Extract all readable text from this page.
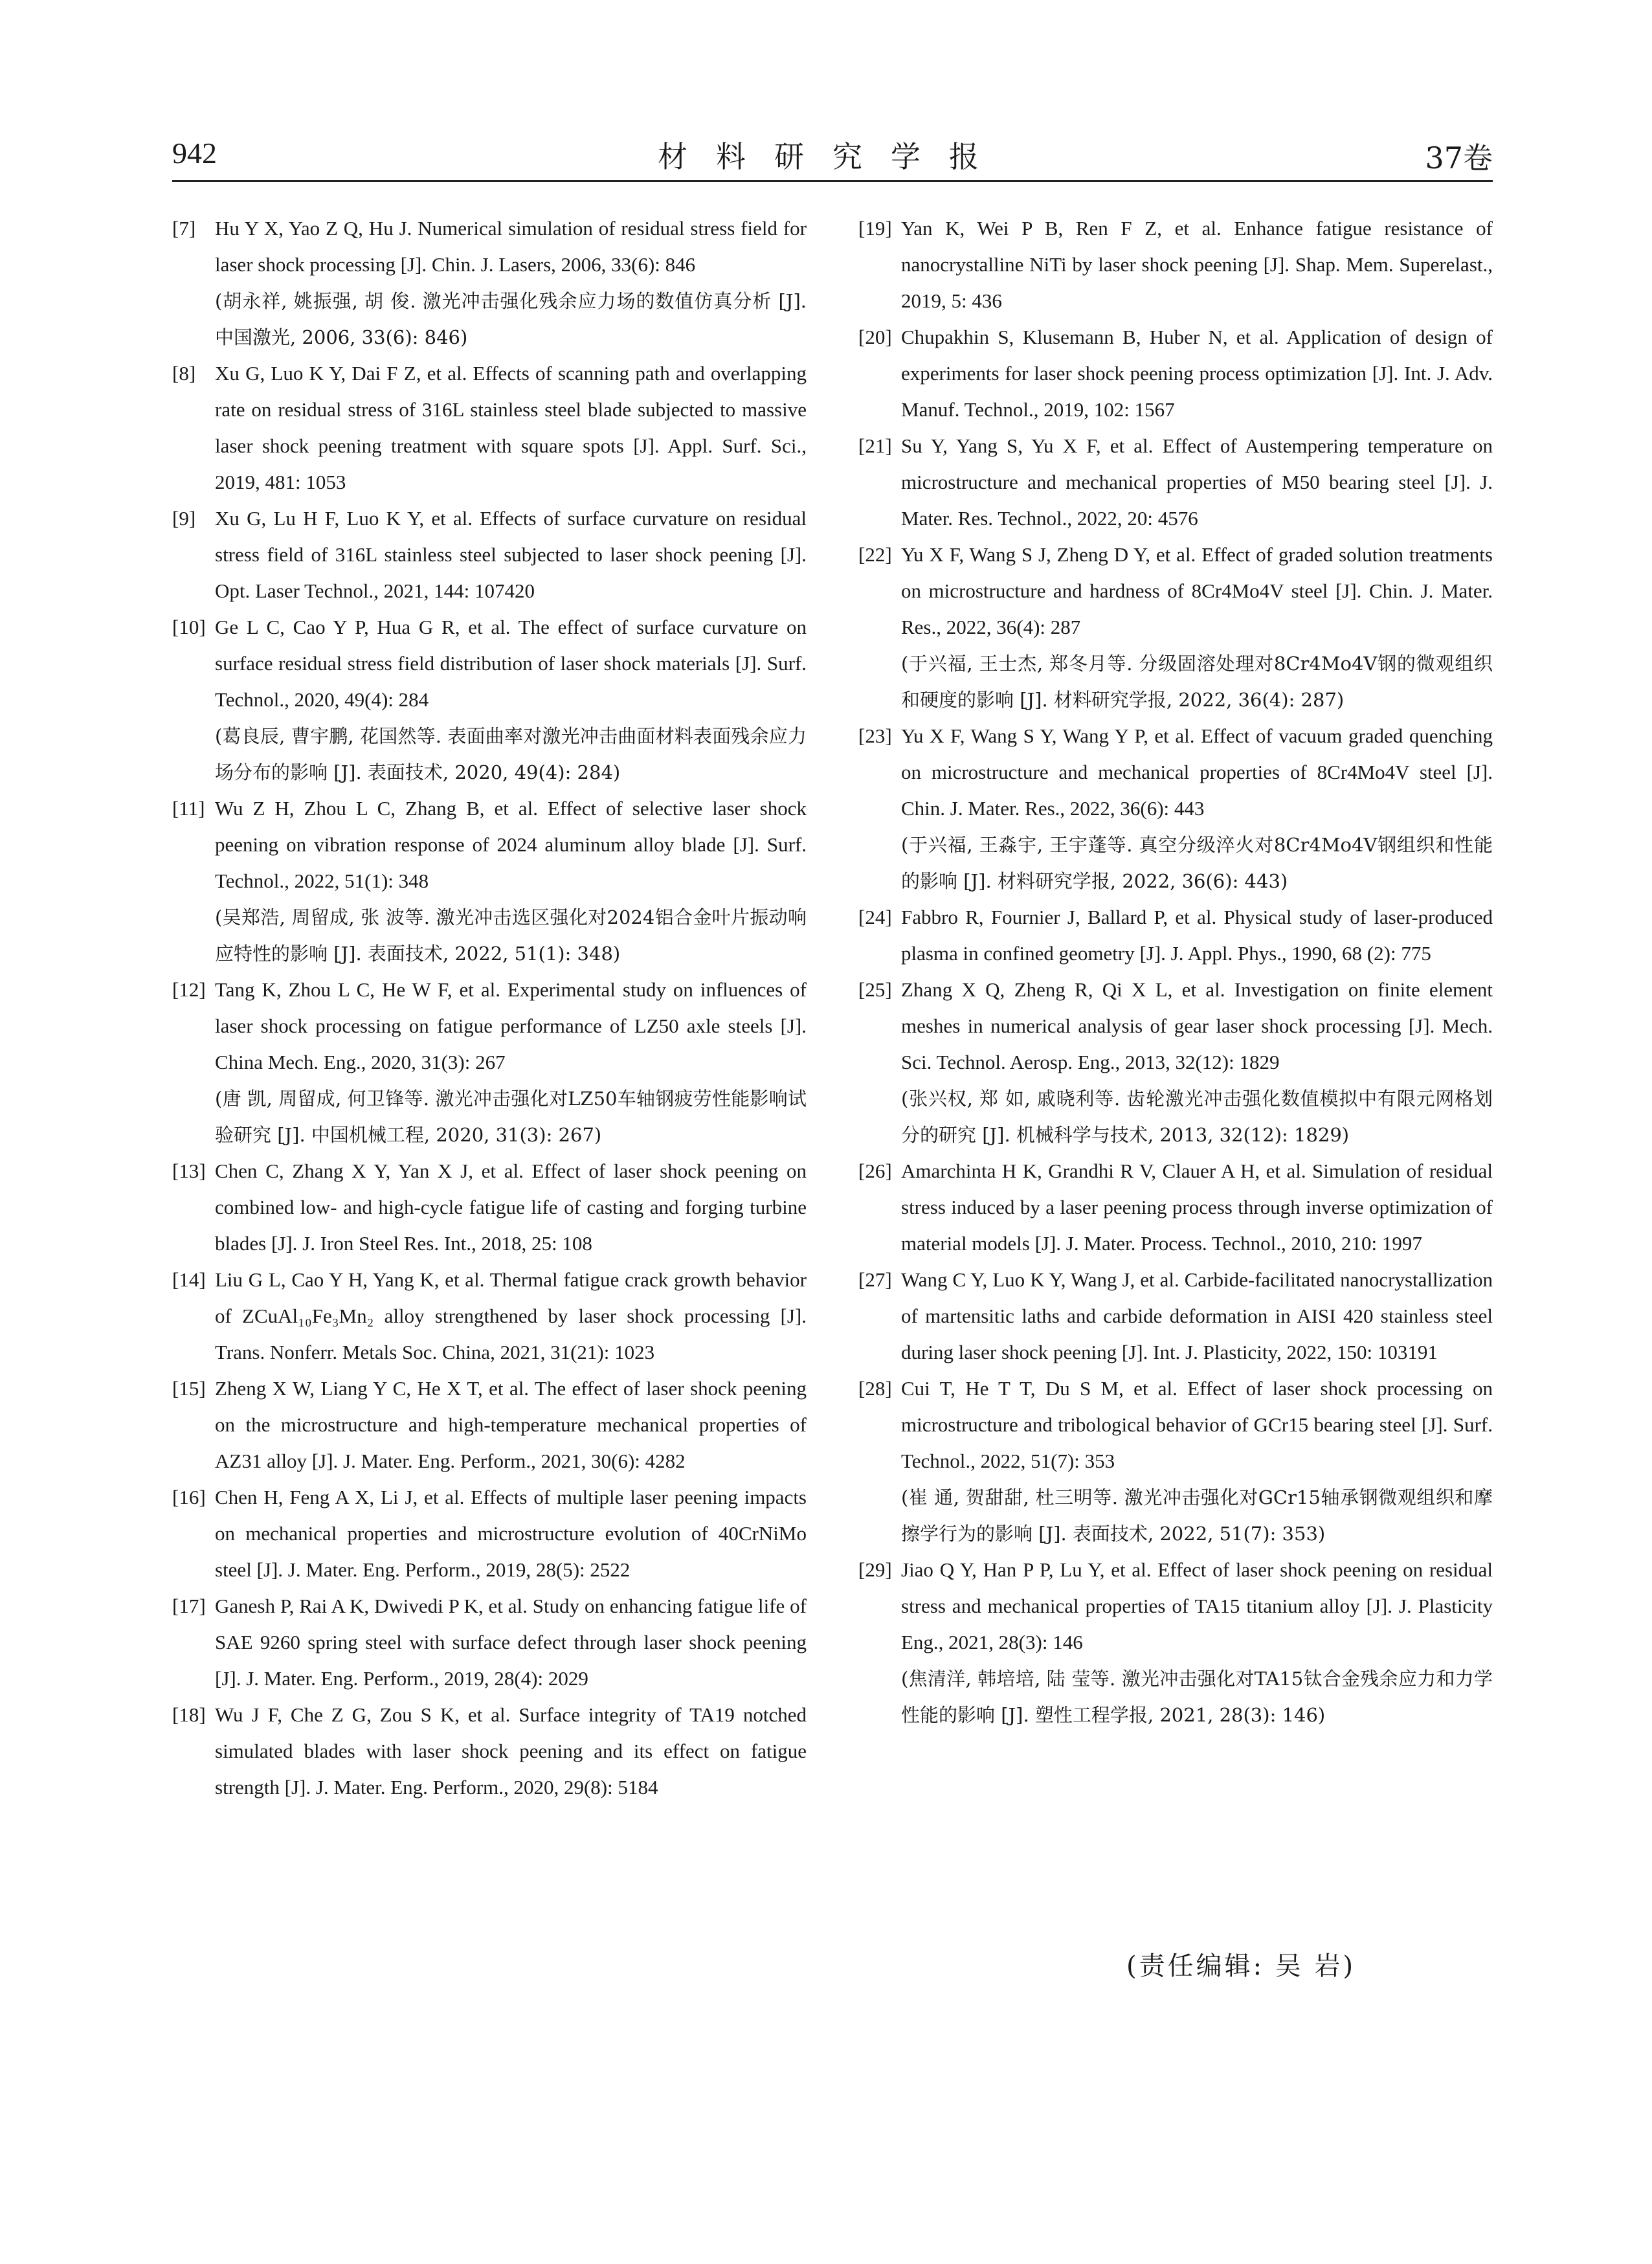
942	材料研究学报	37卷
[7] Hu Y X, Yao Z Q, Hu J. Numerical simulation of residual stress field for laser shock processing [J]. Chin. J. Lasers, 2006, 33(6): 846
(胡永祥, 姚振强, 胡 俊. 激光冲击强化残余应力场的数值仿真分析 [J]. 中国激光, 2006, 33(6): 846)
[8] Xu G, Luo K Y, Dai F Z, et al. Effects of scanning path and overlapping rate on residual stress of 316L stainless steel blade subjected to massive laser shock peening treatment with square spots [J]. Appl. Surf. Sci., 2019, 481: 1053
[9] Xu G, Lu H F, Luo K Y, et al. Effects of surface curvature on residual stress field of 316L stainless steel subjected to laser shock peening [J]. Opt. Laser Technol., 2021, 144: 107420
[10] Ge L C, Cao Y P, Hua G R, et al. The effect of surface curvature on surface residual stress field distribution of laser shock materials [J]. Surf. Technol., 2020, 49(4): 284
(葛良辰, 曹宇鹏, 花国然等. 表面曲率对激光冲击曲面材料表面残余应力场分布的影响 [J]. 表面技术, 2020, 49(4): 284)
[11] Wu Z H, Zhou L C, Zhang B, et al. Effect of selective laser shock peening on vibration response of 2024 aluminum alloy blade [J]. Surf. Technol., 2022, 51(1): 348
(吴郑浩, 周留成, 张 波等. 激光冲击选区强化对2024铝合金叶片振动响应特性的影响 [J]. 表面技术, 2022, 51(1): 348)
[12] Tang K, Zhou L C, He W F, et al. Experimental study on influences of laser shock processing on fatigue performance of LZ50 axle steels [J]. China Mech. Eng., 2020, 31(3): 267
(唐 凯, 周留成, 何卫锋等. 激光冲击强化对LZ50车轴钢疲劳性能影响试验研究 [J]. 中国机械工程, 2020, 31(3): 267)
[13] Chen C, Zhang X Y, Yan X J, et al. Effect of laser shock peening on combined low- and high-cycle fatigue life of casting and forging turbine blades [J]. J. Iron Steel Res. Int., 2018, 25: 108
[14] Liu G L, Cao Y H, Yang K, et al. Thermal fatigue crack growth behavior of ZCuAl₁₀Fe₃Mn₂ alloy strengthened by laser shock processing [J]. Trans. Nonferr. Metals Soc. China, 2021, 31(21): 1023
[15] Zheng X W, Liang Y C, He X T, et al. The effect of laser shock peening on the microstructure and high-temperature mechanical properties of AZ31 alloy [J]. J. Mater. Eng. Perform., 2021, 30(6): 4282
[16] Chen H, Feng A X, Li J, et al. Effects of multiple laser peening impacts on mechanical properties and microstructure evolution of 40CrNiMo steel [J]. J. Mater. Eng. Perform., 2019, 28(5): 2522
[17] Ganesh P, Rai A K, Dwivedi P K, et al. Study on enhancing fatigue life of SAE 9260 spring steel with surface defect through laser shock peening [J]. J. Mater. Eng. Perform., 2019, 28(4): 2029
[18] Wu J F, Che Z G, Zou S K, et al. Surface integrity of TA19 notched simulated blades with laser shock peening and its effect on fatigue strength [J]. J. Mater. Eng. Perform., 2020, 29(8): 5184
[19] Yan K, Wei P B, Ren F Z, et al. Enhance fatigue resistance of nanocrystalline NiTi by laser shock peening [J]. Shap. Mem. Superelast., 2019, 5: 436
[20] Chupakhin S, Klusemann B, Huber N, et al. Application of design of experiments for laser shock peening process optimization [J]. Int. J. Adv. Manuf. Technol., 2019, 102: 1567
[21] Su Y, Yang S, Yu X F, et al. Effect of Austempering temperature on microstructure and mechanical properties of M50 bearing steel [J]. J. Mater. Res. Technol., 2022, 20: 4576
[22] Yu X F, Wang S J, Zheng D Y, et al. Effect of graded solution treatments on microstructure and hardness of 8Cr4Mo4V steel [J]. Chin. J. Mater. Res., 2022, 36(4): 287
(于兴福, 王士杰, 郑冬月等. 分级固溶处理对8Cr4Mo4V钢的微观组织和硬度的影响 [J]. 材料研究学报, 2022, 36(4): 287)
[23] Yu X F, Wang S Y, Wang Y P, et al. Effect of vacuum graded quenching on microstructure and mechanical properties of 8Cr4Mo4V steel [J]. Chin. J. Mater. Res., 2022, 36(6): 443
(于兴福, 王淼宇, 王宇蓬等. 真空分级淬火对8Cr4Mo4V钢组织和性能的影响 [J]. 材料研究学报, 2022, 36(6): 443)
[24] Fabbro R, Fournier J, Ballard P, et al. Physical study of laser-produced plasma in confined geometry [J]. J. Appl. Phys., 1990, 68 (2): 775
[25] Zhang X Q, Zheng R, Qi X L, et al. Investigation on finite element meshes in numerical analysis of gear laser shock processing [J]. Mech. Sci. Technol. Aerosp. Eng., 2013, 32(12): 1829
(张兴权, 郑 如, 戚晓利等. 齿轮激光冲击强化数值模拟中有限元网格划分的研究 [J]. 机械科学与技术, 2013, 32(12): 1829)
[26] Amarchinta H K, Grandhi R V, Clauer A H, et al. Simulation of residual stress induced by a laser peening process through inverse optimization of material models [J]. J. Mater. Process. Technol., 2010, 210: 1997
[27] Wang C Y, Luo K Y, Wang J, et al. Carbide-facilitated nanocrystallization of martensitic laths and carbide deformation in AISI 420 stainless steel during laser shock peening [J]. Int. J. Plasticity, 2022, 150: 103191
[28] Cui T, He T T, Du S M, et al. Effect of laser shock processing on microstructure and tribological behavior of GCr15 bearing steel [J]. Surf. Technol., 2022, 51(7): 353
(崔 通, 贺甜甜, 杜三明等. 激光冲击强化对GCr15轴承钢微观组织和摩擦学行为的影响 [J]. 表面技术, 2022, 51(7): 353)
[29] Jiao Q Y, Han P P, Lu Y, et al. Effect of laser shock peening on residual stress and mechanical properties of TA15 titanium alloy [J]. J. Plasticity Eng., 2021, 28(3): 146
(焦清洋, 韩培培, 陆 莹等. 激光冲击强化对TA15钛合金残余应力和力学性能的影响 [J]. 塑性工程学报, 2021, 28(3): 146)
(责任编辑: 吴 岩)
